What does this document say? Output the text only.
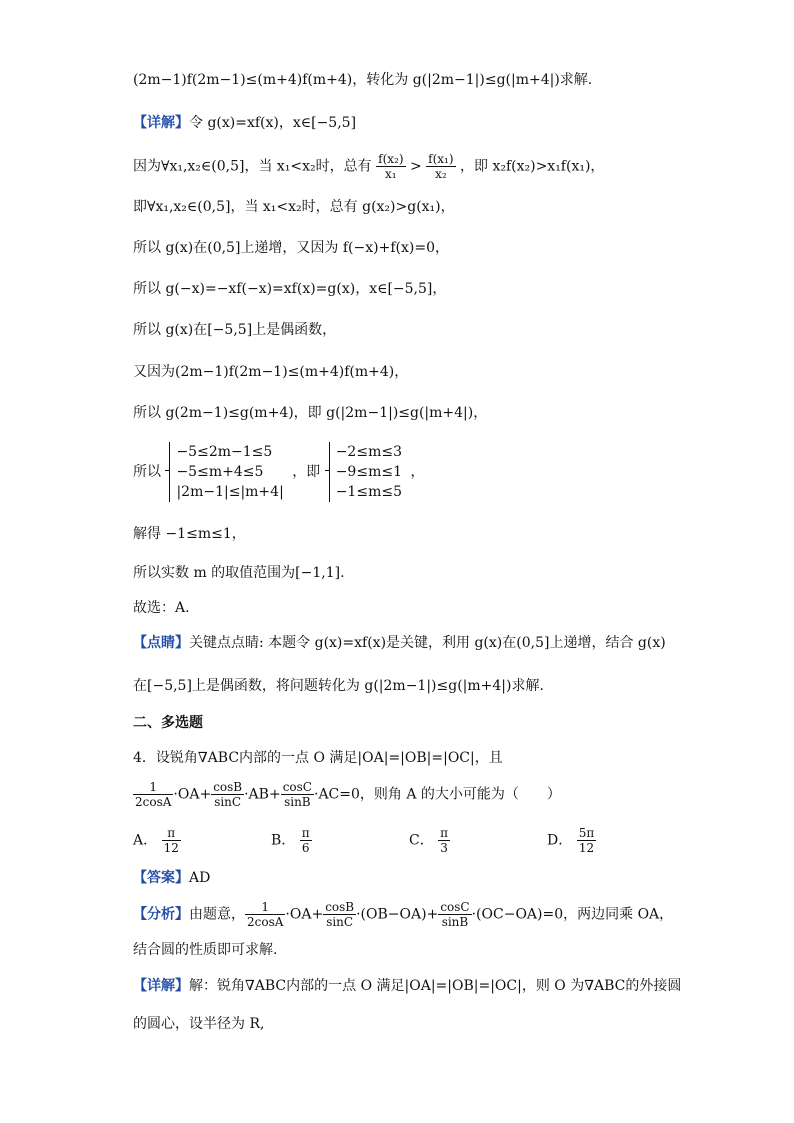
(2m−1)f(2m−1)≤(m+4)f(m+4)，转化为 g(|2m−1|)≤g(|m+4|)求解.
【详解】令 g(x)=xf(x)，x∈[−5,5]
因为∀x₁,x₂∈(0,5]，当 x₁<x₂时，总有 $\frac{\text{f(x₂)}}{\text{x₁}} > \frac{\text{f(x₁)}}{\text{x₂}}$ ，即 x₂f(x₂)>x₁f(x₁)，
即∀x₁,x₂∈(0,5]，当 x₁<x₂时，总有 g(x₂)>g(x₁)，
所以 g(x)在(0,5]上递增，又因为 f(−x)+f(x)=0，
所以 g(−x)=−xf(−x)=xf(x)=g(x)，x∈[−5,5]，
所以 g(x)在[−5,5]上是偶函数，
又因为(2m−1)f(2m−1)≤(m+4)f(m+4)，
所以 g(2m−1)≤g(m+4)，即 g(|2m−1|)≤g(|m+4|)，
所以
−5≤2m−1≤5
−5≤m+4≤5
|2m−1|≤|m+4|
，即
−2≤m≤3
−9≤m≤1
−1≤m≤5
，
解得 −1≤m≤1，
所以实数 m 的取值范围为[−1,1].
故选：A.
【点睛】关键点点睛: 本题令 g(x)=xf(x)是关键，利用 g(x)在(0,5]上递增，结合 g(x)
在[−5,5]上是偶函数，将问题转化为 g(|2m−1|)≤g(|m+4|)求解.
二、多选题
4．设锐角∇ABC内部的一点 O 满足|OA|=|OB|=|OC|，且
$\frac{1}{2\cos A} \cdot OA+ \frac{\cos B}{\sin C} \cdot AB+ \frac{\cos C}{\sin B} \cdot AC=0$，则角 A 的大小可能为（　　）
A． $\frac{\pi}{12}$	B． $\frac{\pi}{6}$	C． $\frac{\pi}{3}$	D． $\frac{5\pi}{12}$
【答案】AD
【分析】由题意， $\frac{1}{2\cos A} \cdot OA+ \frac{\cos B}{\sin C} \cdot(OB-OA)+ \frac{\cos C}{\sin B} \cdot(OC-OA)=0$，两边同乘 OA，
结合圆的性质即可求解.
【详解】解：锐角∇ABC内部的一点 O 满足|OA|=|OB|=|OC|，则 O 为∇ABC的外接圆
的圆心，设半径为 R,
